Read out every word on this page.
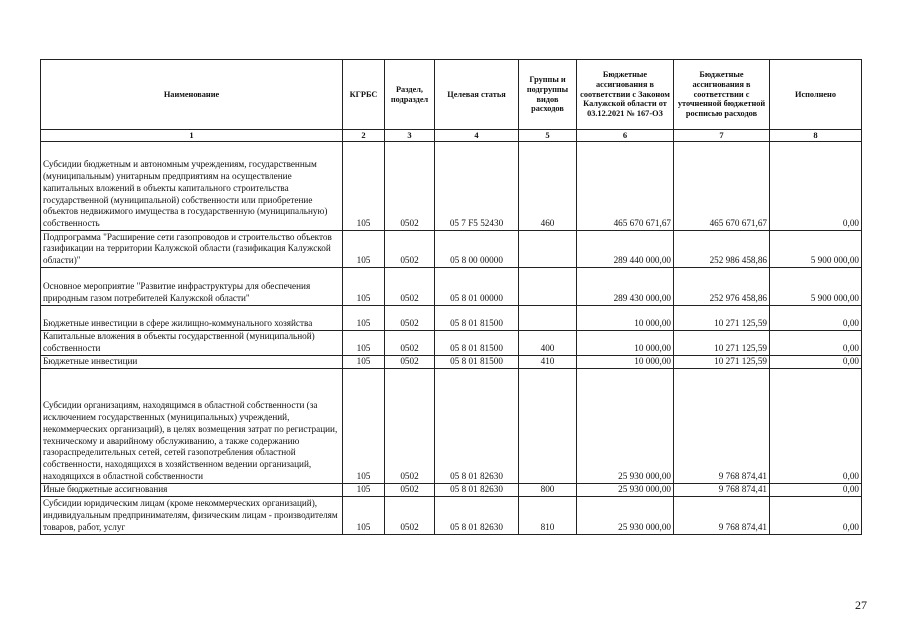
Наименование	КГРБС	Раздел, подраздел	Целевая статья	Группы и подгруппы видов расходов	Бюджетные ассигнования в соответствии с Законом Калужской области от 03.12.2021 № 167-ОЗ	Бюджетные ассигнования в соответствии с уточненной бюджетной росписью расходов	Исполнено
1	2	3	4	5	6	7	8
Субсидии бюджетным и автономным учреждениям, государственным (муниципальным) унитарным предприятиям на осуществление капитальных вложений в объекты капитального строительства государственной (муниципальной) собственности или приобретение объектов недвижимого имущества в государственную (муниципальную) собственность	105	0502	05 7 F5 52430	460	465 670 671,67	465 670 671,67	0,00
Подпрограмма "Расширение сети газопроводов и строительство объектов газификации на территории Калужской области (газификация Калужской области)"	105	0502	05 8 00 00000		289 440 000,00	252 986 458,86	5 900 000,00
Основное мероприятие "Развитие инфраструктуры для обеспечения природным газом потребителей Калужской области"	105	0502	05 8 01 00000		289 430 000,00	252 976 458,86	5 900 000,00
Бюджетные инвестиции в сфере жилищно-коммунального хозяйства	105	0502	05 8 01 81500		10 000,00	10 271 125,59	0,00
Капитальные вложения в объекты государственной (муниципальной) собственности	105	0502	05 8 01 81500	400	10 000,00	10 271 125,59	0,00
Бюджетные инвестиции	105	0502	05 8 01 81500	410	10 000,00	10 271 125,59	0,00
Субсидии организациям, находящимся в областной собственности (за исключением государственных (муниципальных) учреждений, некоммерческих организаций), в целях возмещения затрат по регистрации, техническому и аварийному обслуживанию, а также содержанию газораспределительных сетей, сетей газопотребления областной собственности, находящихся в хозяйственном ведении организаций, находящихся в областной собственности	105	0502	05 8 01 82630		25 930 000,00	9 768 874,41	0,00
Иные бюджетные ассигнования	105	0502	05 8 01 82630	800	25 930 000,00	9 768 874,41	0,00
Субсидии юридическим лицам (кроме некоммерческих организаций), индивидуальным предпринимателям, физическим лицам - производителям товаров, работ, услуг	105	0502	05 8 01 82630	810	25 930 000,00	9 768 874,41	0,00
27
